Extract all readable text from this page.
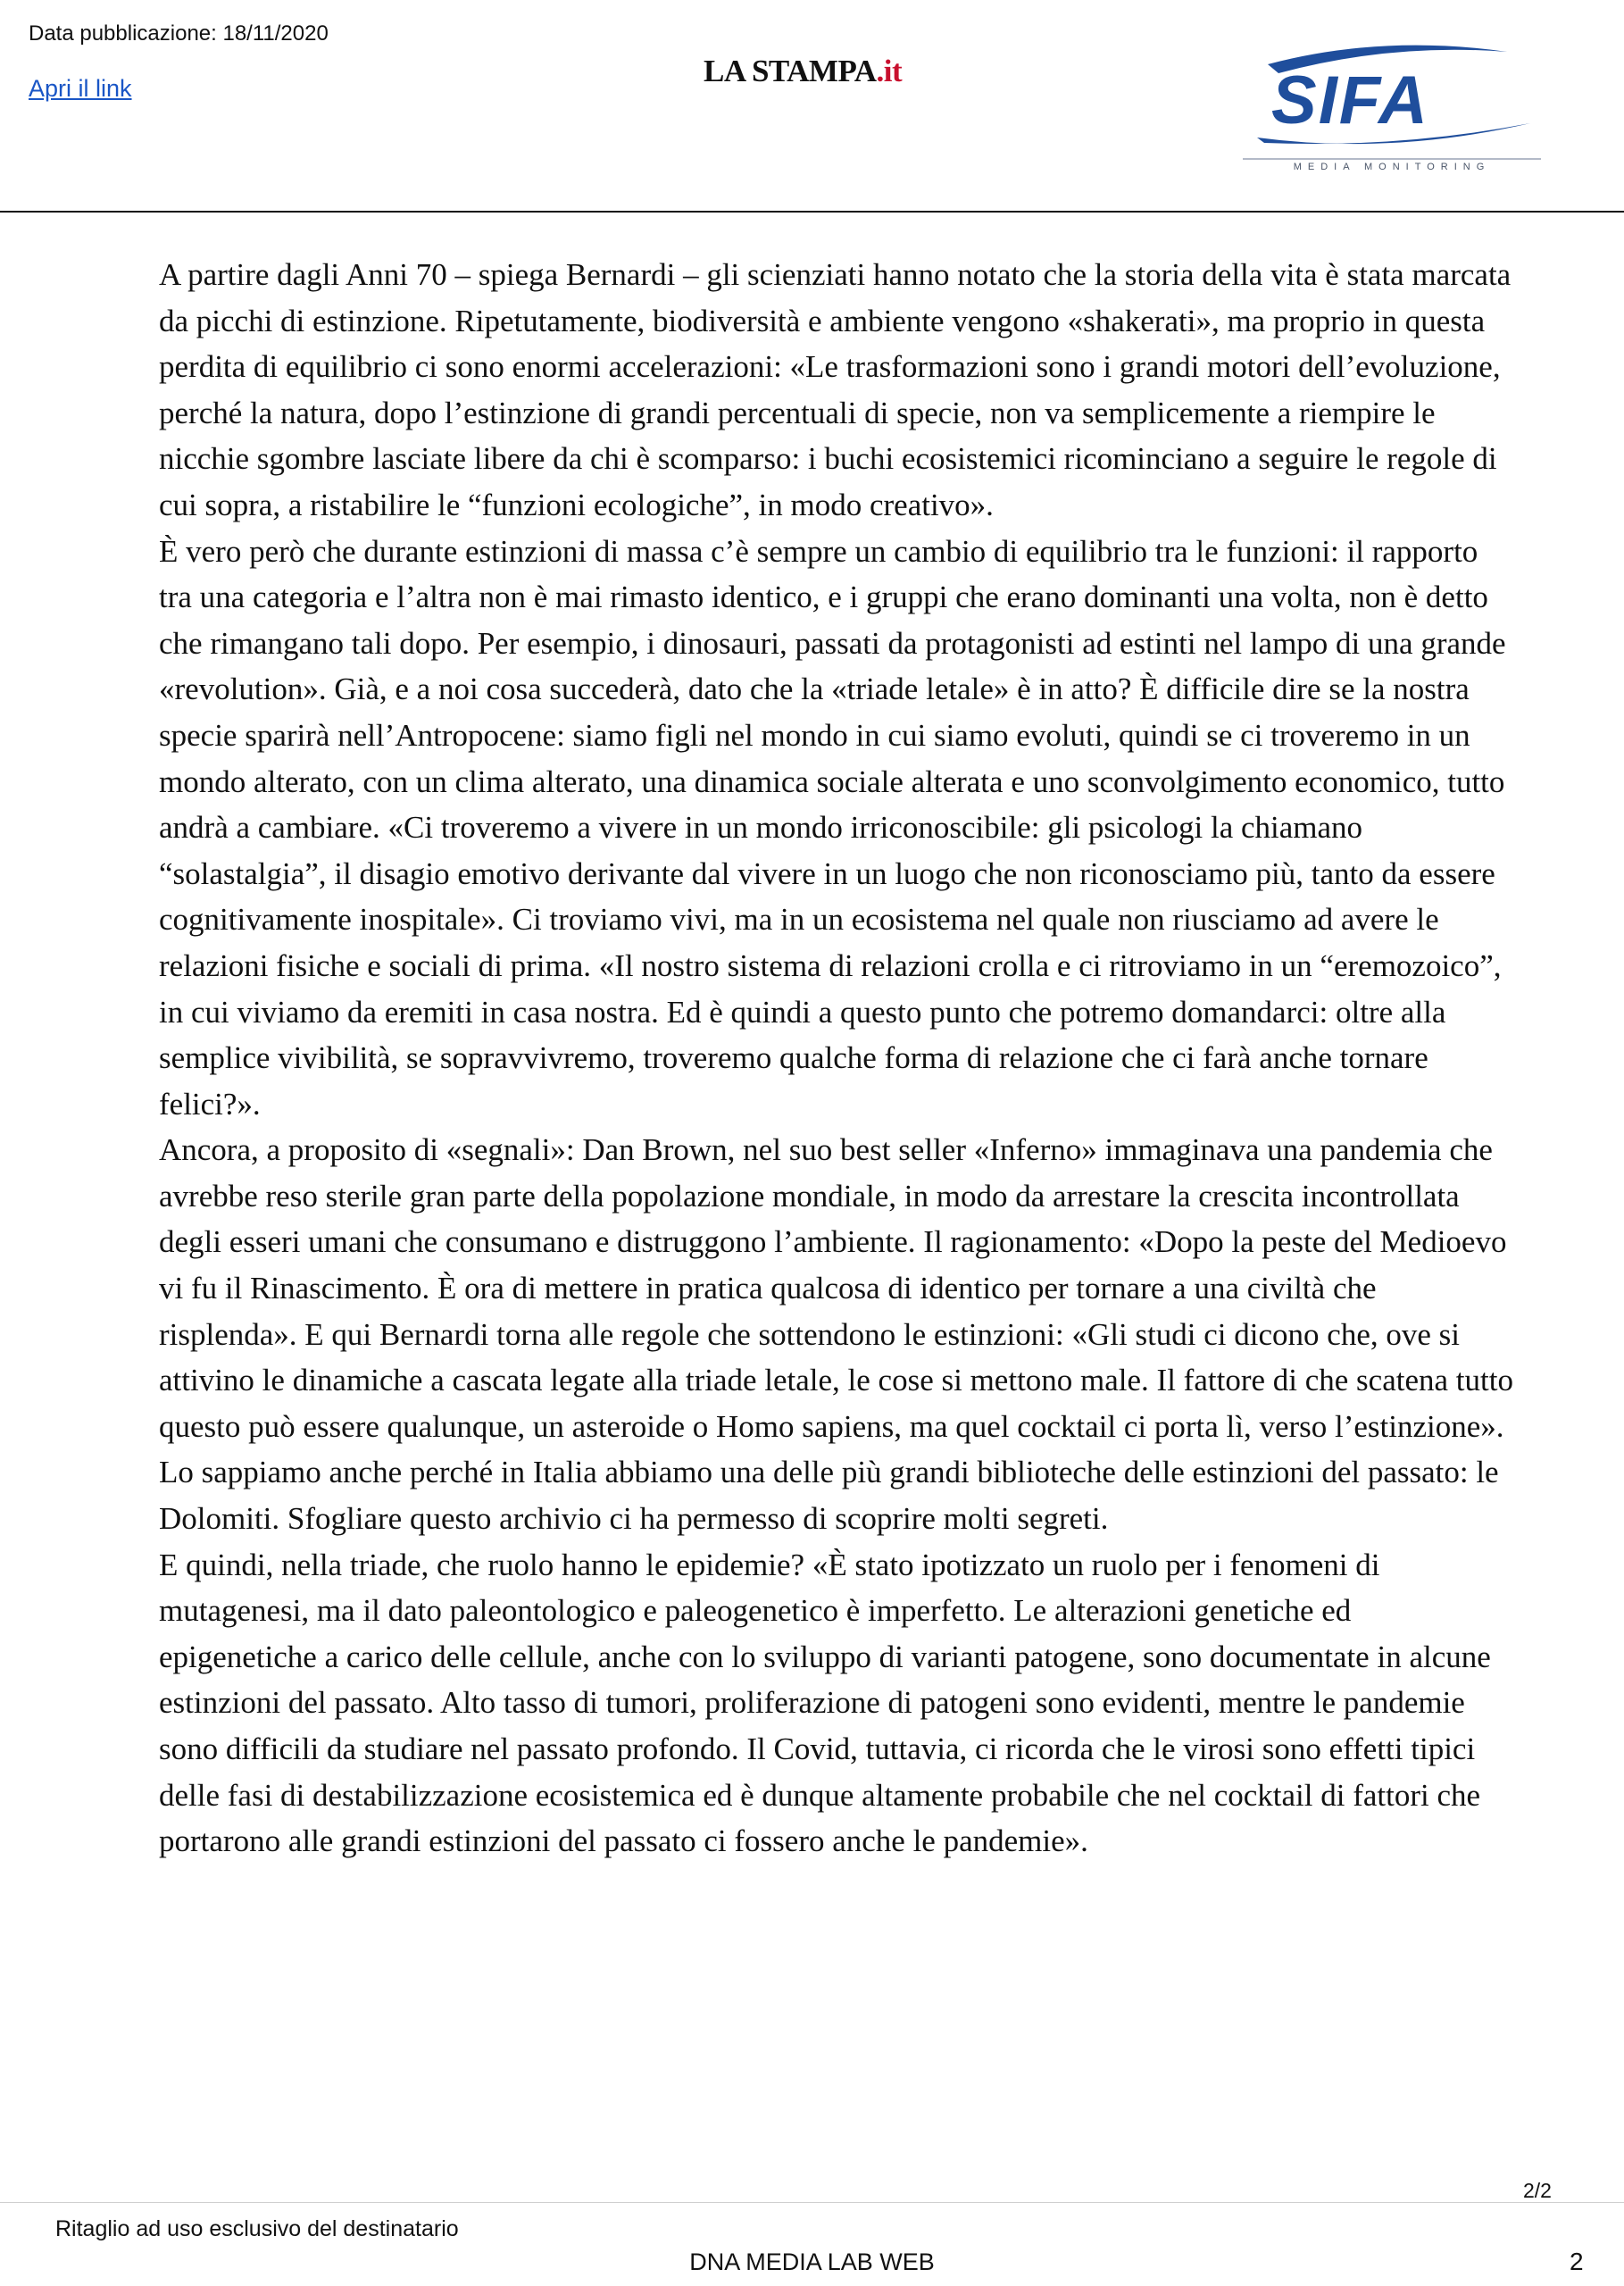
Data pubblicazione: 18/11/2020
Apri il link	LA STAMPA.it	SIFA
MEDIA MONITORING

A partire dagli Anni 70 – spiega Bernardi – gli scienziati hanno notato che la storia della vita è stata marcata da picchi di estinzione. Ripetutamente, biodiversità e ambiente vengono «shakerati», ma proprio in questa perdita di equilibrio ci sono enormi accelerazioni: «Le trasformazioni sono i grandi motori dell’evoluzione, perché la natura, dopo l’estinzione di grandi percentuali di specie, non va semplicemente a riempire le nicchie sgombre lasciate libere da chi è scomparso: i buchi ecosistemici ricominciano a seguire le regole di cui sopra, a ristabilire le “funzioni ecologiche”, in modo creativo».

È vero però che durante estinzioni di massa c’è sempre un cambio di equilibrio tra le funzioni: il rapporto tra una categoria e l’altra non è mai rimasto identico, e i gruppi che erano dominanti una volta, non è detto che rimangano tali dopo. Per esempio, i dinosauri, passati da protagonisti ad estinti nel lampo di una grande «revolution». Già, e a noi cosa succederà, dato che la «triade letale» è in atto? È difficile dire se la nostra specie sparirà nell’Antropocene: siamo figli nel mondo in cui siamo evoluti, quindi se ci troveremo in un mondo alterato, con un clima alterato, una dinamica sociale alterata e uno sconvolgimento economico, tutto andrà a cambiare. «Ci troveremo a vivere in un mondo irriconoscibile: gli psicologi la chiamano “solastalgia”, il disagio emotivo derivante dal vivere in un luogo che non riconosciamo più, tanto da essere cognitivamente inospitale». Ci troviamo vivi, ma in un ecosistema nel quale non riusciamo ad avere le relazioni fisiche e sociali di prima. «Il nostro sistema di relazioni crolla e ci ritroviamo in un “eremozoico”, in cui viviamo da eremiti in casa nostra. Ed è quindi a questo punto che potremo domandarci: oltre alla semplice vivibilità, se sopravvivremo, troveremo qualche forma di relazione che ci farà anche tornare felici?».

Ancora, a proposito di «segnali»: Dan Brown, nel suo best seller «Inferno» immaginava una pandemia che avrebbe reso sterile gran parte della popolazione mondiale, in modo da arrestare la crescita incontrollata degli esseri umani che consumano e distruggono l’ambiente. Il ragionamento: «Dopo la peste del Medioevo vi fu il Rinascimento. È ora di mettere in pratica qualcosa di identico per tornare a una civiltà che risplenda». E qui Bernardi torna alle regole che sottendono le estinzioni: «Gli studi ci dicono che, ove si attivino le dinamiche a cascata legate alla triade letale, le cose si mettono male. Il fattore di che scatena tutto questo può essere qualunque, un asteroide o Homo sapiens, ma quel cocktail ci porta lì, verso l’estinzione». Lo sappiamo anche perché in Italia abbiamo una delle più grandi biblioteche delle estinzioni del passato: le Dolomiti. Sfogliare questo archivio ci ha permesso di scoprire molti segreti.

E quindi, nella triade, che ruolo hanno le epidemie? «È stato ipotizzato un ruolo per i fenomeni di mutagenesi, ma il dato paleontologico e paleogenetico è imperfetto. Le alterazioni genetiche ed epigenetiche a carico delle cellule, anche con lo sviluppo di varianti patogene, sono documentate in alcune estinzioni del passato. Alto tasso di tumori, proliferazione di patogeni sono evidenti, mentre le pandemie sono difficili da studiare nel passato profondo. Il Covid, tuttavia, ci ricorda che le virosi sono effetti tipici delle fasi di destabilizzazione ecosistemica ed è dunque altamente probabile che nel cocktail di fattori che portarono alle grandi estinzioni del passato ci fossero anche le pandemie».

2/2
Ritaglio ad uso esclusivo del destinatario
DNA MEDIA LAB WEB	2
